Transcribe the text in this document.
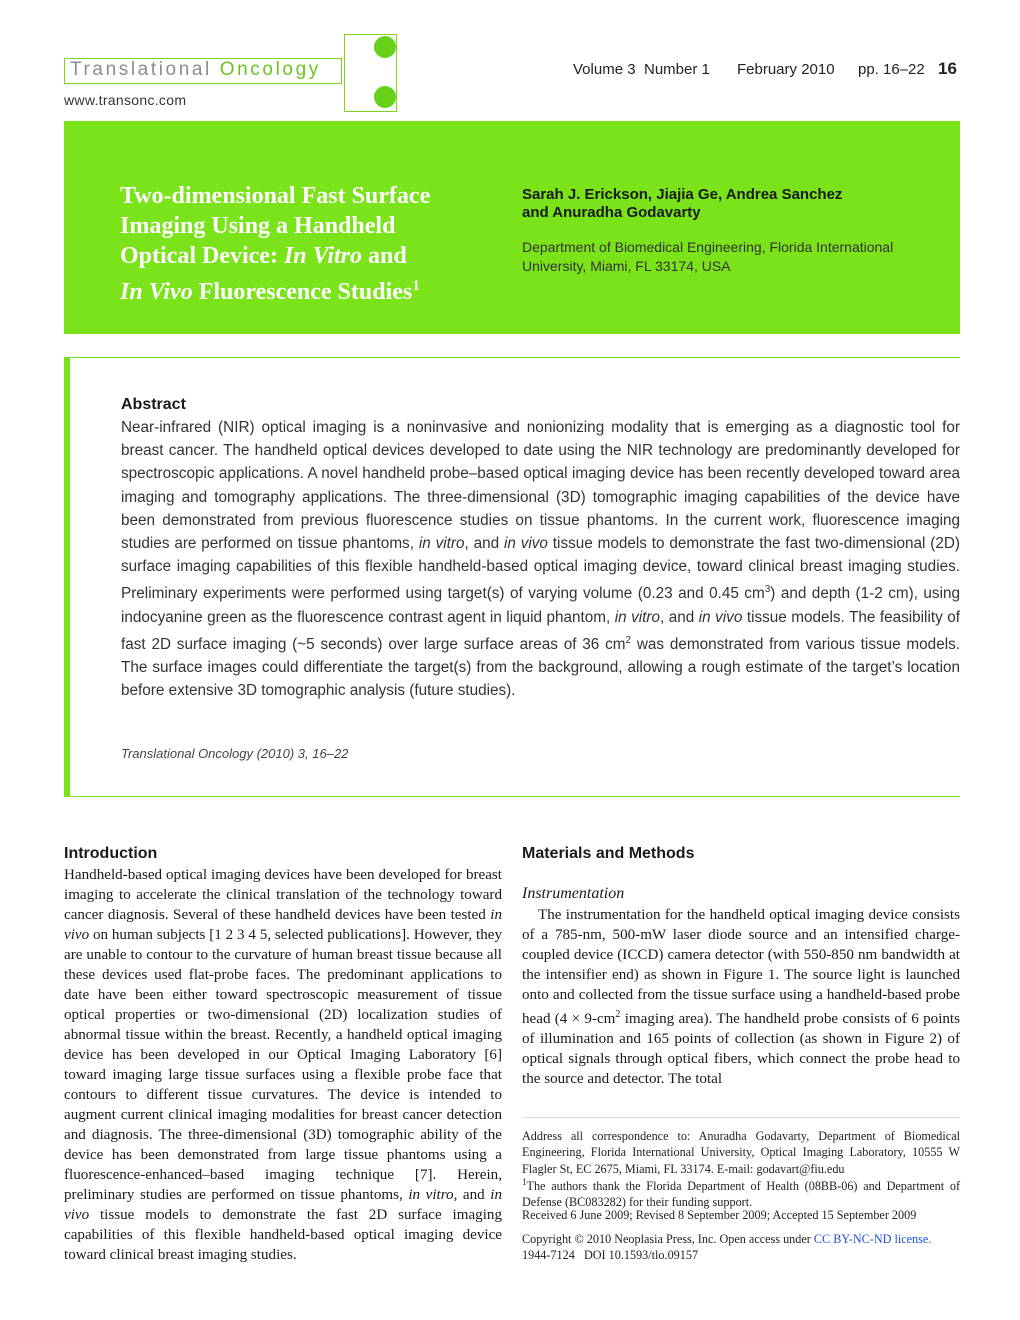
Translational Oncology
www.transonc.com
Volume 3 Number 1 February 2010 pp. 16–22 16
Two-dimensional Fast Surface
Imaging Using a Handheld
Optical Device: In Vitro and
In Vivo Fluorescence Studies$^1$
Sarah J. Erickson, Jiajia Ge, Andrea Sanchez
and Anuradha Godavarty
Department of Biomedical Engineering, Florida International University, Miami, FL 33174, USA
Abstract
Near-infrared (NIR) optical imaging is a noninvasive and nonionizing modality that is emerging as a diagnostic tool for breast cancer. The handheld optical devices developed to date using the NIR technology are predominantly developed for spectroscopic applications. A novel handheld probe–based optical imaging device has been recently developed toward area imaging and tomography applications. The three-dimensional (3D) tomographic imaging capabilities of the device have been demonstrated from previous fluorescence studies on tissue phantoms. In the current work, fluorescence imaging studies are performed on tissue phantoms, in vitro, and in vivo tissue models to demonstrate the fast two-dimensional (2D) surface imaging capabilities of this flexible handheld-based optical imaging device, toward clinical breast imaging studies. Preliminary experiments were performed using target(s) of varying volume (0.23 and 0.45 $cm^3$) and depth (1-2 cm), using indocyanine green as the fluorescence contrast agent in liquid phantom, in vitro, and in vivo tissue models. The feasibility of fast 2D surface imaging (~5 seconds) over large surface areas of 36 $cm^2$ was demonstrated from various tissue models. The surface images could differentiate the target(s) from the background, allowing a rough estimate of the target’s location before extensive 3D tomographic analysis (future studies).
Translational Oncology (2010) 3, 16–22
Introduction
Handheld-based optical imaging devices have been developed for breast imaging to accelerate the clinical translation of the technology toward cancer diagnosis. Several of these handheld devices have been tested in vivo on human subjects [1 2 3 4 5, selected publications]. However, they are unable to contour to the curvature of human breast tissue because all these devices used flat-probe faces. The predominant applications to date have been either toward spectroscopic measurement of tissue optical properties or two-dimensional (2D) localization studies of abnormal tissue within the breast. Recently, a handheld optical imaging device has been developed in our Optical Imaging Laboratory [6] toward imaging large tissue surfaces using a flexible probe face that contours to different tissue curvatures. The device is intended to augment current clinical imaging modalities for breast cancer detection and diagnosis. The three-dimensional (3D) tomographic ability of the device has been demonstrated from large tissue phantoms using a fluorescence-enhanced–based imaging technique [7]. Herein, preliminary studies are performed on tissue phantoms, in vitro, and in vivo tissue models to demonstrate the fast 2D surface imaging capabilities of this flexible handheld-based optical imaging device toward clinical breast imaging studies.
Materials and Methods
Instrumentation
The instrumentation for the handheld optical imaging device consists of a 785-nm, 500-mW laser diode source and an intensified charge-coupled device (ICCD) camera detector (with 550-850 nm bandwidth at the intensifier end) as shown in Figure 1. The source light is launched onto and collected from the tissue surface using a handheld-based probe head ($4 \times 9-cm^2$ imaging area). The handheld probe consists of 6 points of illumination and 165 points of collection (as shown in Figure 2) of optical signals through optical fibers, which connect the probe head to the source and detector. The total
Address all correspondence to: Anuradha Godavarty, Department of Biomedical Engineering, Florida International University, Optical Imaging Laboratory, 10555 W Flagler St, EC 2675, Miami, FL 33174. E-mail: godavart@fiu.edu
$^1$The authors thank the Florida Department of Health (08BB-06) and Department of Defense (BC083282) for their funding support.
Received 6 June 2009; Revised 8 September 2009; Accepted 15 September 2009
Copyright © 2010 Neoplasia Press, Inc. Open access under CC BY-NC-ND license.
1944-7124   DOI 10.1593/tlo.09157
